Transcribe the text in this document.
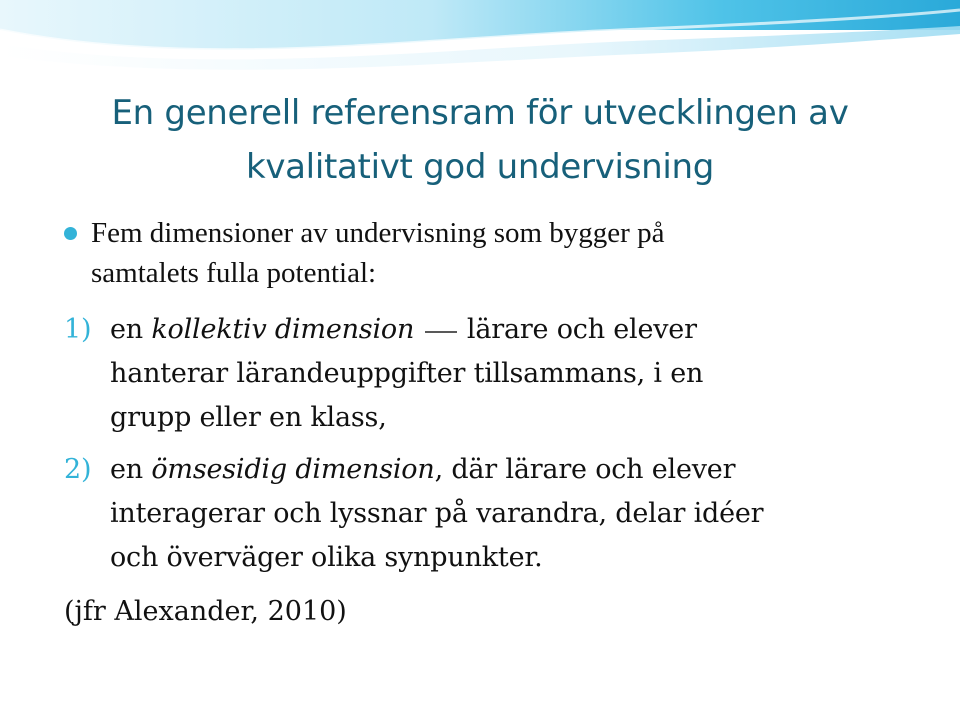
En generell referensram för utvecklingen av
kvalitativt god undervisning
Fem dimensioner av undervisning som bygger på
samtalets fulla potential:
1) en kollektiv dimension  lärare och elever
hanterar lärandeuppgifter tillsammans, i en
grupp eller en klass,
2) en ömsesidig dimension, där lärare och elever
interagerar och lyssnar på varandra, delar idéer
och överväger olika synpunkter.
(jfr Alexander, 2010)
